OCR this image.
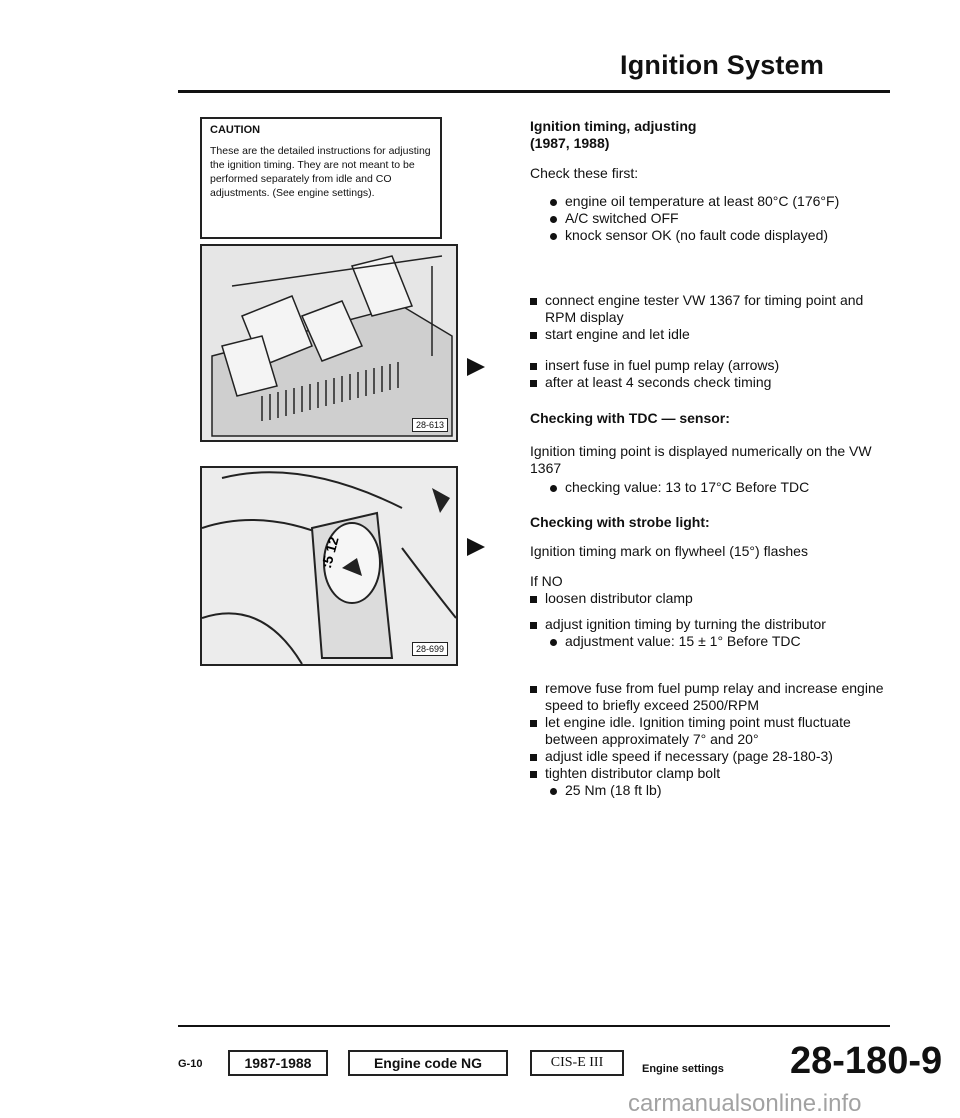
Ignition System
CAUTION
These are the detailed instructions for adjusting the ignition timing. They are not meant to be performed separately from idle and CO adjustments. (See engine settings).
28-613
:5 12
28-699
Ignition timing, adjusting (1987, 1988)
Check these first:

engine oil temperature at least 80°C (176°F)

A/C switched OFF

knock sensor OK (no fault code displayed)

connect engine tester VW 1367 for timing point and RPM display

start engine and let idle

insert fuse in fuel pump relay (arrows)

after at least 4 seconds check timing

Checking with TDC — sensor:
Ignition timing point is displayed numerically on the VW 1367

checking value: 13 to 17°C Before TDC

Checking with strobe light:
Ignition timing mark on flywheel (15°) flashes

If NO

loosen distributor clamp

adjust ignition timing by turning the distributor

adjustment value: 15 ± 1° Before TDC

remove fuse from fuel pump relay and increase engine speed to briefly exceed 2500/RPM

let engine idle. Ignition timing point must fluctuate between approximately 7° and 20°

adjust idle speed if necessary (page 28-180-3)

tighten distributor clamp bolt

25 Nm (18 ft lb)

G-10	1987-1988	Engine code NG	CIS-E III	Engine settings 28-180-9
carmanualsonline.info
